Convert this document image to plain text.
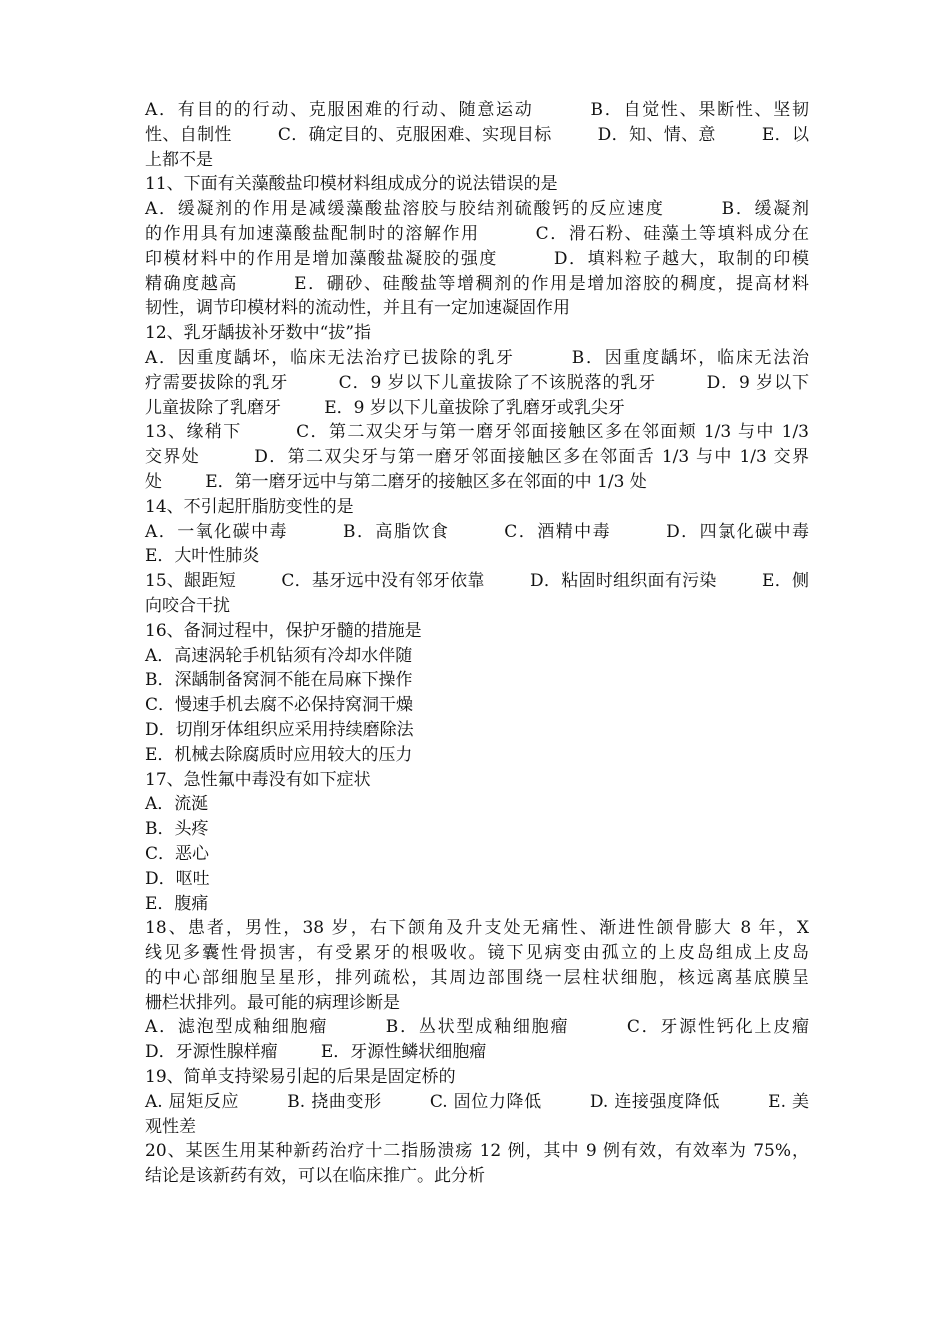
A．有目的的行动、克服困难的行动、随意运动        B．自觉性、果断性、坚韧
性、自制性        C．确定目的、克服困难、实现目标        D．知、情、意        E．以
上都不是
11、下面有关藻酸盐印模材料组成成分的说法错误的是
A．缓凝剂的作用是减缓藻酸盐溶胶与胶结剂硫酸钙的反应速度        B．缓凝剂
的作用具有加速藻酸盐配制时的溶解作用        C．滑石粉、硅藻土等填料成分在
印模材料中的作用是增加藻酸盐凝胶的强度        D．填料粒子越大，取制的印模
精确度越高        E．硼砂、硅酸盐等增稠剂的作用是增加溶胶的稠度，提高材料
韧性，调节印模材料的流动性，并且有一定加速凝固作用
12、乳牙龋拔补牙数中“拔”指
A．因重度龋坏，临床无法治疗已拔除的乳牙        B．因重度龋坏，临床无法治
疗需要拔除的乳牙        C．9 岁以下儿童拔除了不该脱落的乳牙        D．9 岁以下
儿童拔除了乳磨牙        E．9 岁以下儿童拔除了乳磨牙或乳尖牙
13、缘稍下        C．第二双尖牙与第一磨牙邻面接触区多在邻面颊 1/3 与中 1/3
交界处        D．第二双尖牙与第一磨牙邻面接触区多在邻面舌 1/3 与中 1/3 交界
处        E．第一磨牙远中与第二磨牙的接触区多在邻面的中 1/3 处
14、不引起肝脂肪变性的是
A．一氧化碳中毒        B．高脂饮食        C．酒精中毒        D．四氯化碳中毒
E．大叶性肺炎
15、龈距短        C．基牙远中没有邻牙依靠        D．粘固时组织面有污染        E．侧
向咬合干扰
16、备洞过程中，保护牙髓的措施是
A．高速涡轮手机钻须有冷却水伴随
B．深龋制备窝洞不能在局麻下操作
C．慢速手机去腐不必保持窝洞干燥
D．切削牙体组织应采用持续磨除法
E．机械去除腐质时应用较大的压力
17、急性氟中毒没有如下症状
A．流涎
B．头疼
C．恶心
D．呕吐
E．腹痛
18、患者，男性，38 岁，右下颌角及升支处无痛性、渐进性颌骨膨大 8 年，X
线见多囊性骨损害，有受累牙的根吸收。镜下见病变由孤立的上皮岛组成上皮岛
的中心部细胞呈星形，排列疏松，其周边部围绕一层柱状细胞，核远离基底膜呈
栅栏状排列。最可能的病理诊断是
A．滤泡型成釉细胞瘤        B．丛状型成釉细胞瘤        C．牙源性钙化上皮瘤
D．牙源性腺样瘤        E．牙源性鳞状细胞瘤
19、简单支持梁易引起的后果是固定桥的
A. 屈矩反应        B. 挠曲变形        C. 固位力降低        D. 连接强度降低        E. 美
观性差
20、某医生用某种新药治疗十二指肠溃疡 12 例，其中 9 例有效，有效率为 75%，
结论是该新药有效，可以在临床推广。此分析
